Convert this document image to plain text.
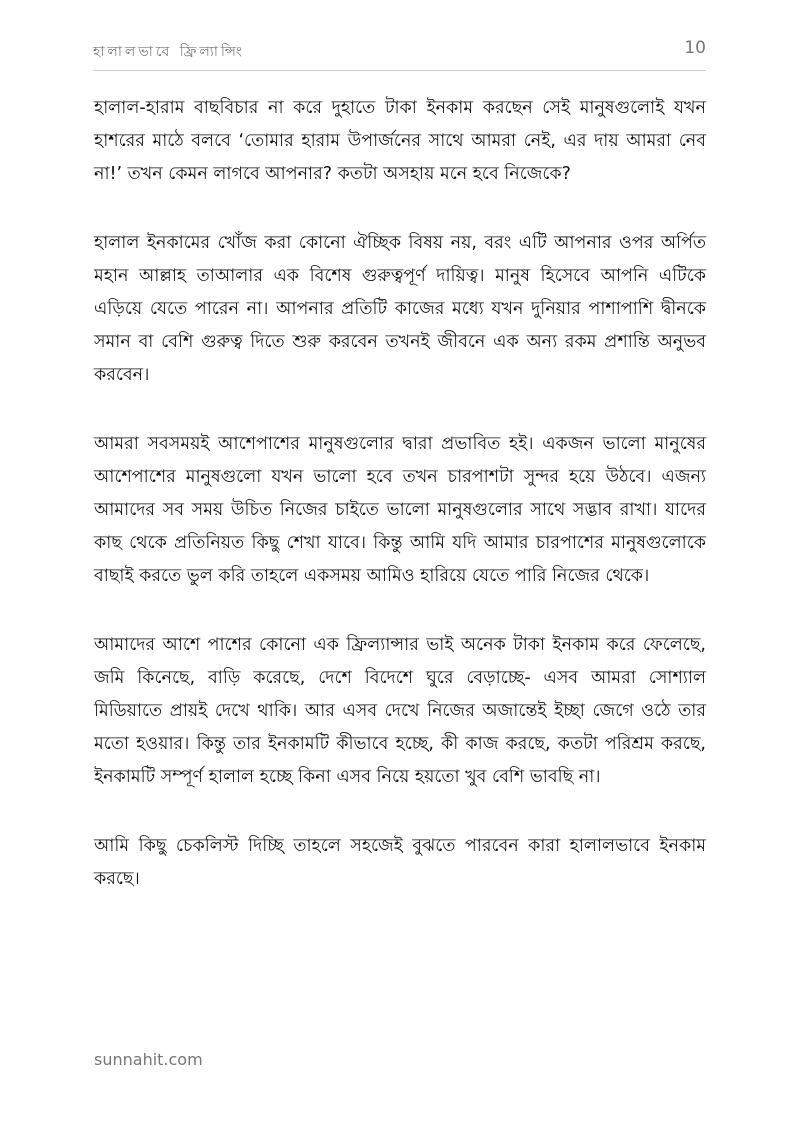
হালালভাবে ফ্রিল্যান্সিং	10

হালাল-হারাম বাছবিচার না করে দুহাতে টাকা ইনকাম করছেন সেই মানুষগুলোই যখন হাশরের মাঠে বলবে ‘তোমার হারাম উপার্জনের সাথে আমরা নেই, এর দায় আমরা নেব না!’ তখন কেমন লাগবে আপনার? কতটা অসহায় মনে হবে নিজেকে?

হালাল ইনকামের খোঁজ করা কোনো ঐচ্ছিক বিষয় নয়, বরং এটি আপনার ওপর অর্পিত মহান আল্লাহ তাআলার এক বিশেষ গুরুত্বপূর্ণ দায়িত্ব। মানুষ হিসেবে আপনি এটিকে এড়িয়ে যেতে পারেন না। আপনার প্রতিটি কাজের মধ্যে যখন দুনিয়ার পাশাপাশি দ্বীনকে সমান বা বেশি গুরুত্ব দিতে শুরু করবেন তখনই জীবনে এক অন্য রকম প্রশান্তি অনুভব করবেন।

আমরা সবসময়ই আশেপাশের মানুষগুলোর দ্বারা প্রভাবিত হই। একজন ভালো মানুষের আশেপাশের মানুষগুলো যখন ভালো হবে তখন চারপাশটা সুন্দর হয়ে উঠবে। এজন্য আমাদের সব সময় উচিত নিজের চাইতে ভালো মানুষগুলোর সাথে সদ্ভাব রাখা। যাদের কাছ থেকে প্রতিনিয়ত কিছু শেখা যাবে। কিন্তু আমি যদি আমার চারপাশের মানুষগুলোকে বাছাই করতে ভুল করি তাহলে একসময় আমিও হারিয়ে যেতে পারি নিজের থেকে।

আমাদের আশে পাশের কোনো এক ফ্রিল্যান্সার ভাই অনেক টাকা ইনকাম করে ফেলেছে, জমি কিনেছে, বাড়ি করেছে, দেশে বিদেশে ঘুরে বেড়াচ্ছে- এসব আমরা সোশ্যাল মিডিয়াতে প্রায়ই দেখে থাকি। আর এসব দেখে নিজের অজান্তেই ইচ্ছা জেগে ওঠে তার মতো হওয়ার। কিন্তু তার ইনকামটি কীভাবে হচ্ছে, কী কাজ করছে, কতটা পরিশ্রম করছে, ইনকামটি সম্পূর্ণ হালাল হচ্ছে কিনা এসব নিয়ে হয়তো খুব বেশি ভাবছি না।

আমি কিছু চেকলিস্ট দিচ্ছি তাহলে সহজেই বুঝতে পারবেন কারা হালালভাবে ইনকাম করছে।

sunnahit.com
